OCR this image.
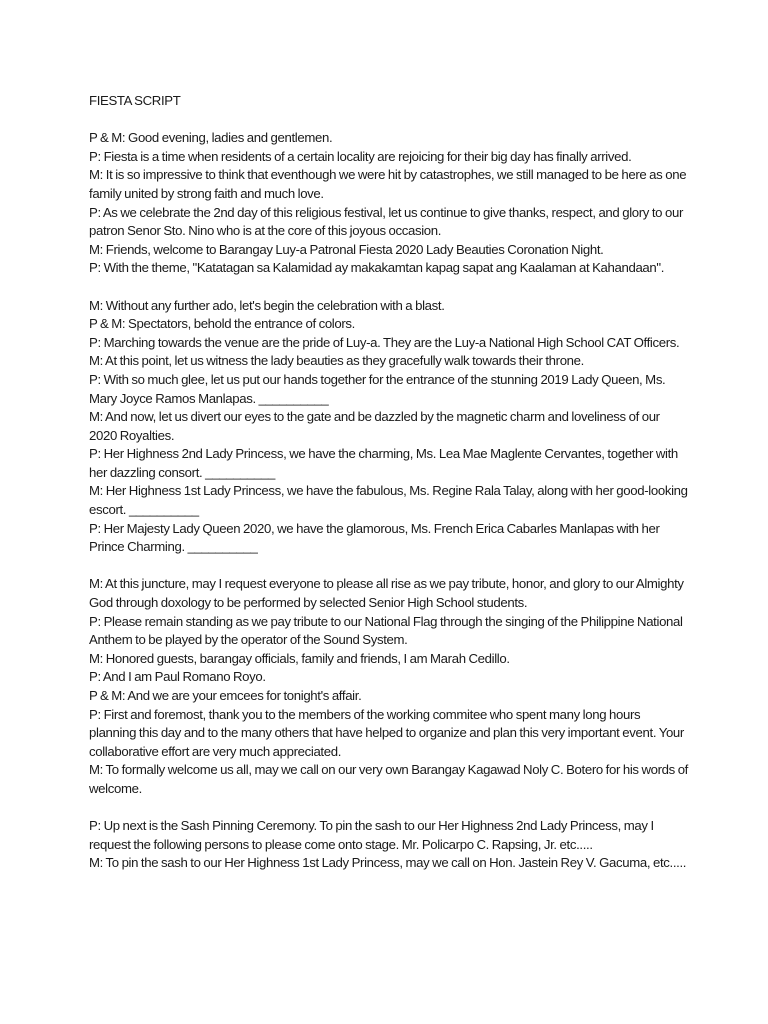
FIESTA SCRIPT

P & M: Good evening, ladies and gentlemen.

P: Fiesta is a time when residents of a certain locality are rejoicing for their big day has finally arrived.

M: It is so impressive to think that eventhough we were hit by catastrophes, we still managed to be here as one family united by strong faith and much love.

P: As we celebrate the 2nd day of this religious festival, let us continue to give thanks, respect, and glory to our patron Senor Sto. Nino who is at the core of this joyous occasion.

M: Friends, welcome to Barangay Luy-a Patronal Fiesta 2020 Lady Beauties Coronation Night.

P: With the theme, "Katatagan sa Kalamidad ay makakamtan kapag sapat ang Kaalaman at Kahandaan".

M: Without any further ado, let's begin the celebration with a blast.

P & M: Spectators, behold the entrance of colors.

P: Marching towards the venue are the pride of Luy-a. They are the Luy-a National High School CAT Officers.

M: At this point, let us witness the lady beauties as they gracefully walk towards their throne.

P: With so much glee, let us put our hands together for the entrance of the stunning 2019 Lady Queen, Ms. Mary Joyce Ramos Manlapas. __________

M: And now, let us divert our eyes to the gate and be dazzled by the magnetic charm and loveliness of our 2020 Royalties.

P: Her Highness 2nd Lady Princess, we have the charming, Ms. Lea Mae Maglente Cervantes, together with her dazzling consort. __________

M: Her Highness 1st Lady Princess, we have the fabulous, Ms. Regine Rala Talay, along with her good-looking escort. __________

P: Her Majesty Lady Queen 2020, we have the glamorous, Ms. French Erica Cabarles Manlapas with her Prince Charming. __________

M: At this juncture, may I request everyone to please all rise as we pay tribute, honor, and glory to our Almighty God through doxology to be performed by selected Senior High School students.

P: Please remain standing as we pay tribute to our National Flag through the singing of the Philippine National Anthem to be played by the operator of the Sound System.

M: Honored guests, barangay officials, family and friends, I am Marah Cedillo.

P: And I am Paul Romano Royo.

P & M: And we are your emcees for tonight's affair.

P: First and foremost, thank you to the members of the working commitee who spent many long hours planning this day and to the many others that have helped to organize and plan this very important event. Your collaborative effort are very much appreciated.

M: To formally welcome us all, may we call on our very own Barangay Kagawad Noly C. Botero for his words of welcome.

P: Up next is the Sash Pinning Ceremony. To pin the sash to our Her Highness 2nd Lady Princess, may I request the following persons to please come onto stage. Mr. Policarpo C. Rapsing, Jr. etc.....

M: To pin the sash to our Her Highness 1st Lady Princess, may we call on Hon. Jastein Rey V. Gacuma, etc.....
